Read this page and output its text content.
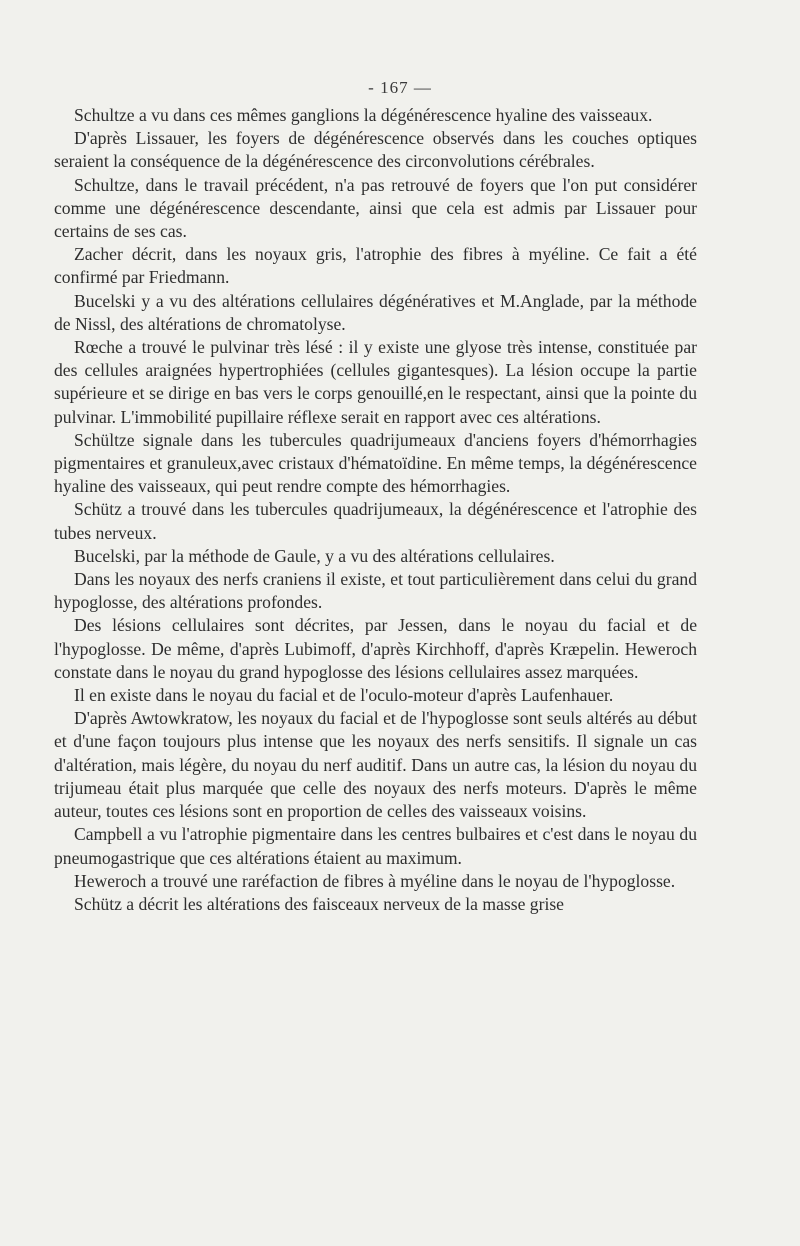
- 167 —

Schultze a vu dans ces mêmes ganglions la dégénérescence hyaline des vaisseaux.

D'après Lissauer, les foyers de dégénérescence observés dans les couches optiques seraient la conséquence de la dégénérescence des circonvolutions cérébrales.

Schultze, dans le travail précédent, n'a pas retrouvé de foyers que l'on put considérer comme une dégénérescence descendante, ainsi que cela est admis par Lissauer pour certains de ses cas.

Zacher décrit, dans les noyaux gris, l'atrophie des fibres à myéline. Ce fait a été confirmé par Friedmann.

Bucelski y a vu des altérations cellulaires dégénératives et M.Anglade, par la méthode de Nissl, des altérations de chromatolyse.

Rœche a trouvé le pulvinar très lésé : il y existe une glyose très intense, constituée par des cellules araignées hypertrophiées (cellules gigantesques). La lésion occupe la partie supérieure et se dirige en bas vers le corps genouillé,en le respectant, ainsi que la pointe du pulvinar. L'immobilité pupillaire réflexe serait en rapport avec ces altérations.

Schültze signale dans les tubercules quadrijumeaux d'anciens foyers d'hémorrhagies pigmentaires et granuleux,avec cristaux d'hématoïdine. En même temps, la dégénérescence hyaline des vaisseaux, qui peut rendre compte des hémorrhagies.

Schütz a trouvé dans les tubercules quadrijumeaux, la dégénérescence et l'atrophie des tubes nerveux.

Bucelski, par la méthode de Gaule, y a vu des altérations cellulaires.

Dans les noyaux des nerfs craniens il existe, et tout particulièrement dans celui du grand hypoglosse, des altérations profondes.

Des lésions cellulaires sont décrites, par Jessen, dans le noyau du facial et de l'hypoglosse. De même, d'après Lubimoff, d'après Kirchhoff, d'après Kræpelin. Heweroch constate dans le noyau du grand hypoglosse des lésions cellulaires assez marquées.

Il en existe dans le noyau du facial et de l'oculo-moteur d'après Laufenhauer.

D'après Awtowkratow, les noyaux du facial et de l'hypoglosse sont seuls altérés au début et d'une façon toujours plus intense que les noyaux des nerfs sensitifs. Il signale un cas d'altération, mais légère, du noyau du nerf auditif. Dans un autre cas, la lésion du noyau du trijumeau était plus marquée que celle des noyaux des nerfs moteurs. D'après le même auteur, toutes ces lésions sont en proportion de celles des vaisseaux voisins.

Campbell a vu l'atrophie pigmentaire dans les centres bulbaires et c'est dans le noyau du pneumogastrique que ces altérations étaient au maximum.

Heweroch a trouvé une raréfaction de fibres à myéline dans le noyau de l'hypoglosse.

Schütz a décrit les altérations des faisceaux nerveux de la masse grise
